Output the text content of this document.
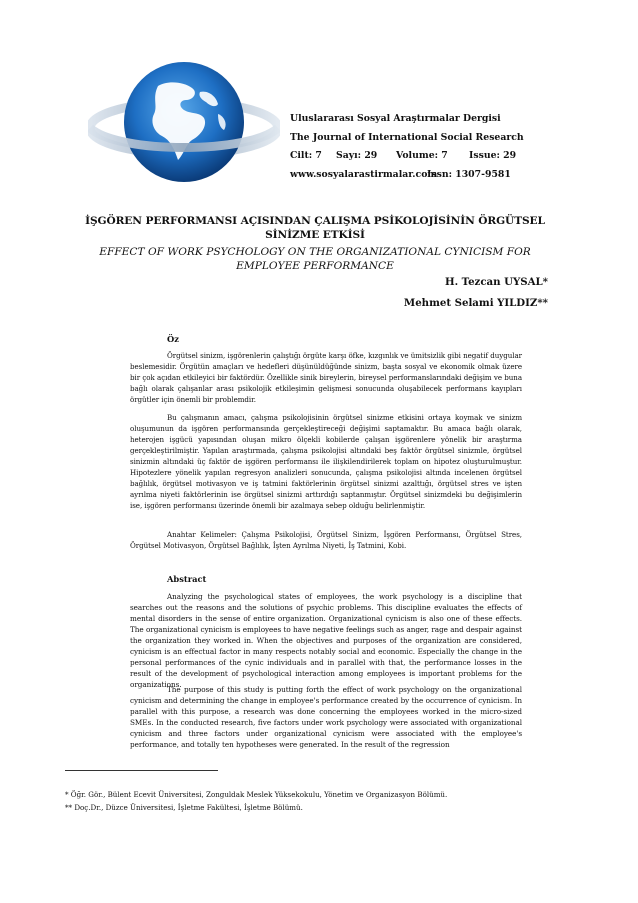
Uluslararası Sosyal Araştırmalar Dergisi
The Journal of International Social Research
Cilt: 7 Sayı: 29 Volume: 7 Issue: 29
www.sosyalarastirmalar.comIssn: 1307-9581
İŞGÖREN PERFORMANSI AÇISINDAN ÇALIŞMA PSİKOLOJİSİNİN ÖRGÜTSEL
SİNİZME ETKİSİ
EFFECT OF WORK PSYCHOLOGY ON THE ORGANIZATIONAL CYNICISM FOR
EMPLOYEE PERFORMANCE
H. Tezcan UYSAL*
Mehmet Selami YILDIZ**
Öz
Örgütsel sinizm, işgörenlerin çalıştığı örgüte karşı öfke, kızgınlık ve ümitsizlik gibi negatif duygular beslemesidir. Örgütün amaçları ve hedefleri düşünüldüğünde sinizm, başta sosyal ve ekonomik olmak üzere bir çok açıdan etkileyici bir faktördür. Özellikle sinik bireylerin, bireysel performanslarındaki değişim ve buna bağlı olarak çalışanlar arası psikolojik etkileşimin gelişmesi sonucunda oluşabilecek performans kayıpları örgütler için önemli bir problemdir.
Bu çalışmanın amacı, çalışma psikolojisinin örgütsel sinizme etkisini ortaya koymak ve sinizm oluşumunun da işgören performansında gerçekleştireceği değişimi saptamaktır. Bu amaca bağlı olarak, heterojen işgücü yapısından oluşan mikro ölçekli kobilerde çalışan işgörenlere yönelik bir araştırma gerçekleştirilmiştir. Yapılan araştırmada, çalışma psikolojisi altındaki beş faktör örgütsel sinizmle, örgütsel sinizmin altındaki üç faktör de işgören performansı ile ilişkilendirilerek toplam on hipotez oluşturulmuştur. Hipotezlere yönelik yapılan regresyon analizleri sonucunda, çalışma psikolojisi altında incelenen örgütsel bağlılık, örgütsel motivasyon ve iş tatmini faktörlerinin örgütsel sinizmi azalttığı, örgütsel stres ve işten ayrılma niyeti faktörlerinin ise örgütsel sinizmi arttırdığı saptanmıştır. Örgütsel sinizmdeki bu değişimlerin ise, işgören performansı üzerinde önemli bir azalmaya sebep olduğu belirlenmiştir.
Anahtar Kelimeler: Çalışma Psikolojisi, Örgütsel Sinizm, İşgören Performansı, Örgütsel Stres, Örgütsel Motivasyon, Örgütsel Bağlılık, İşten Ayrılma Niyeti, İş Tatmini, Kobi.
Abstract
Analyzing the psychological states of employees, the work psychology is a discipline that searches out the reasons and the solutions of psychic problems. This discipline evaluates the effects of mental disorders in the sense of entire organization. Organizational cynicism is also one of these effects. The organizational cynicism is employees to have negative feelings such as anger, rage and despair against the organization they worked in. When the objectives and purposes of the organization are considered, cynicism is an effectual factor in many respects notably social and economic. Especially the change in the personal performances of the cynic individuals and in parallel with that, the performance losses in the result of the development of psychological interaction among employees is important problems for the organizations.
The purpose of this study is putting forth the effect of work psychology on the organizational cynicism and determining the change in employee's performance created by the occurrence of cynicism. In parallel with this purpose, a research was done concerning the employees worked in the micro-sized SMEs. In the conducted research, five factors under work psychology were associated with organizational cynicism and three factors under organizational cynicism were associated with the employee's performance, and totally ten hypotheses were generated. In the result of the regression
* Öğr. Gör., Bülent Ecevit Üniversitesi, Zonguldak Meslek Yüksekokulu, Yönetim ve Organizasyon Bölümü.
** Doç.Dr., Düzce Üniversitesi, İşletme Fakültesi, İşletme Bölümü.
